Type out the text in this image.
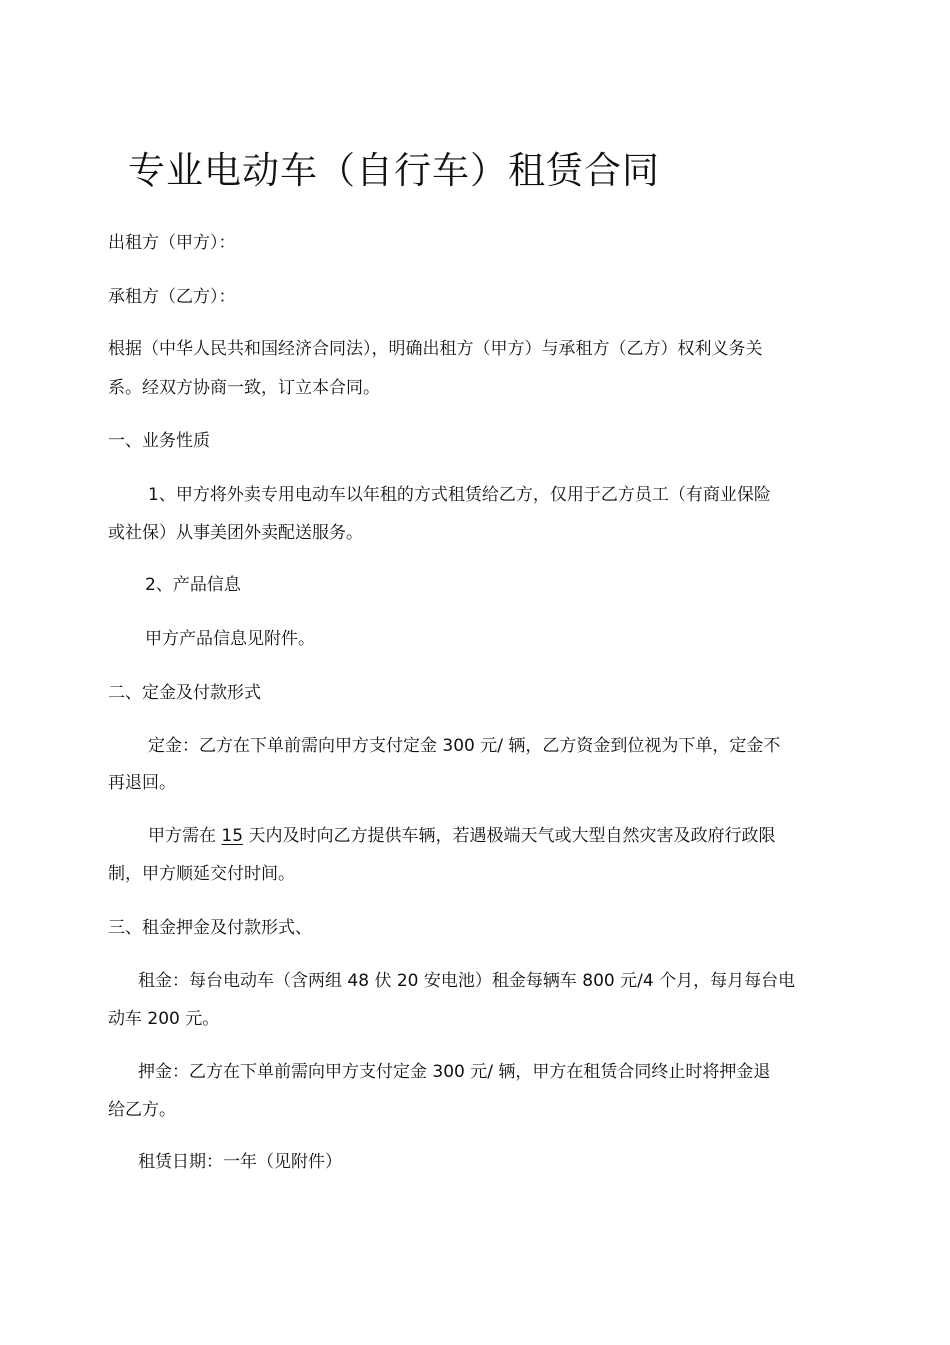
专业电动车（自行车）租赁合同
出租方（甲方）：
承租方（乙方）：
根据（中华人民共和国经济合同法），明确出租方（甲方）与承租方（乙方）权利义务关
系。经双方协商一致，订立本合同。
一、业务性质
1、甲方将外卖专用电动车以年租的方式租赁给乙方，仅用于乙方员工（有商业保险
或社保）从事美团外卖配送服务。
2、产品信息
甲方产品信息见附件。
二、定金及付款形式
定金：乙方在下单前需向甲方支付定金 300 元/ 辆，乙方资金到位视为下单，定金不
再退回。
甲方需在 15 天内及时向乙方提供车辆，若遇极端天气或大型自然灾害及政府行政限
制，甲方顺延交付时间。
三、租金押金及付款形式、
租金：每台电动车（含两组 48 伏 20 安电池）租金每辆车 800 元/4 个月，每月每台电
动车 200 元。
押金：乙方在下单前需向甲方支付定金 300 元/ 辆，甲方在租赁合同终止时将押金退
给乙方。
租赁日期：一年（见附件）
